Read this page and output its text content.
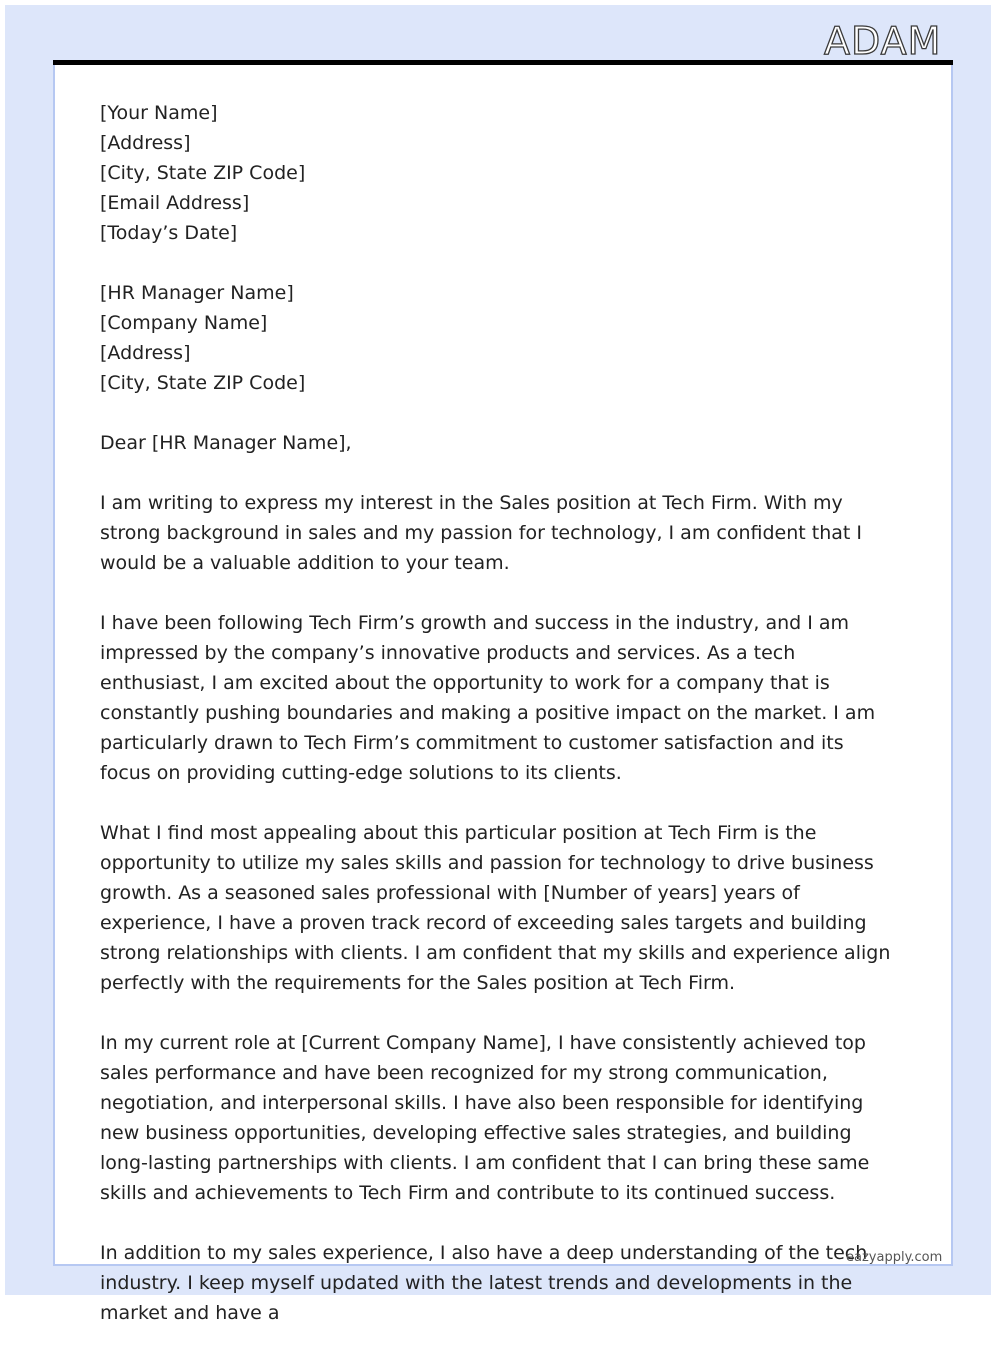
ADAM
[Your Name]
[Address]
[City, State ZIP Code]
[Email Address]
[Today’s Date]
[HR Manager Name]
[Company Name]
[Address]
[City, State ZIP Code]

Dear [HR Manager Name],

I am writing to express my interest in the Sales position at Tech Firm. With my strong background in sales and my passion for technology, I am confident that I would be a valuable addition to your team.

I have been following Tech Firm’s growth and success in the industry, and I am impressed by the company’s innovative products and services. As a tech enthusiast, I am excited about the opportunity to work for a company that is constantly pushing boundaries and making a positive impact on the market. I am particularly drawn to Tech Firm’s commitment to customer satisfaction and its focus on providing cutting-edge solutions to its clients.

What I find most appealing about this particular position at Tech Firm is the opportunity to utilize my sales skills and passion for technology to drive business growth. As a seasoned sales professional with [Number of years] years of experience, I have a proven track record of exceeding sales targets and building strong relationships with clients. I am confident that my skills and experience align perfectly with the requirements for the Sales position at Tech Firm.

In my current role at [Current Company Name], I have consistently achieved top sales performance and have been recognized for my strong communication, negotiation, and interpersonal skills. I have also been responsible for identifying new business opportunities, developing effective sales strategies, and building long-lasting partnerships with clients. I am confident that I can bring these same skills and achievements to Tech Firm and contribute to its continued success.

In addition to my sales experience, I also have a deep understanding of the tech industry. I keep myself updated with the latest trends and developments in the market and have a

eazyapply.com
